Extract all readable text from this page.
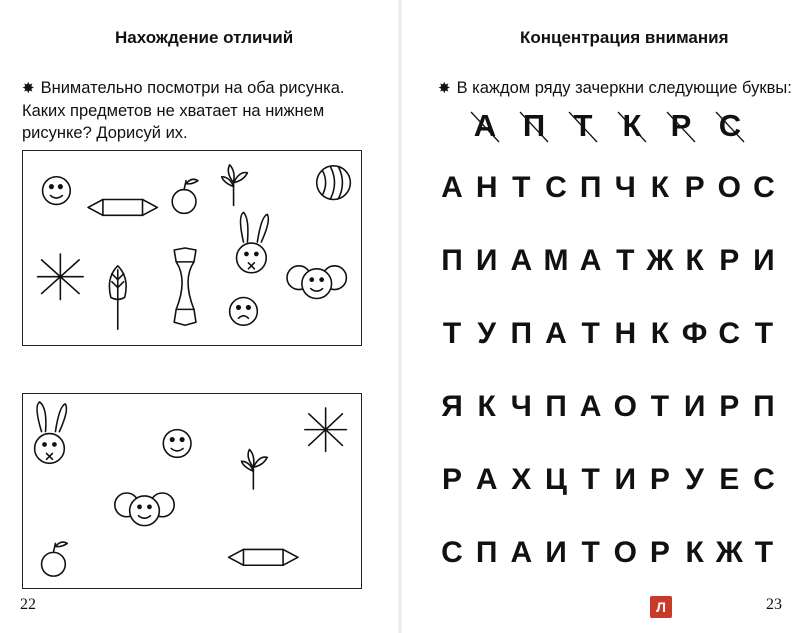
Нахождение отличий
✸ Внимательно посмотри на оба рисунка. Каких предметов не хватает на нижнем рисунке? Дорисуй их.
22
Концентрация внимания
✸ В каждом ряду зачеркни следующие буквы:
А П Т К Р С
А Н Т С П Ч К Р О С
П И А М А Т Ж К Р И
Т У П А Т Н К Ф С Т
Я К Ч П А О Т И Р П
Р А Х Ц Т И Р У Е С
С П А И Т О Р К Ж Т
Л	23
